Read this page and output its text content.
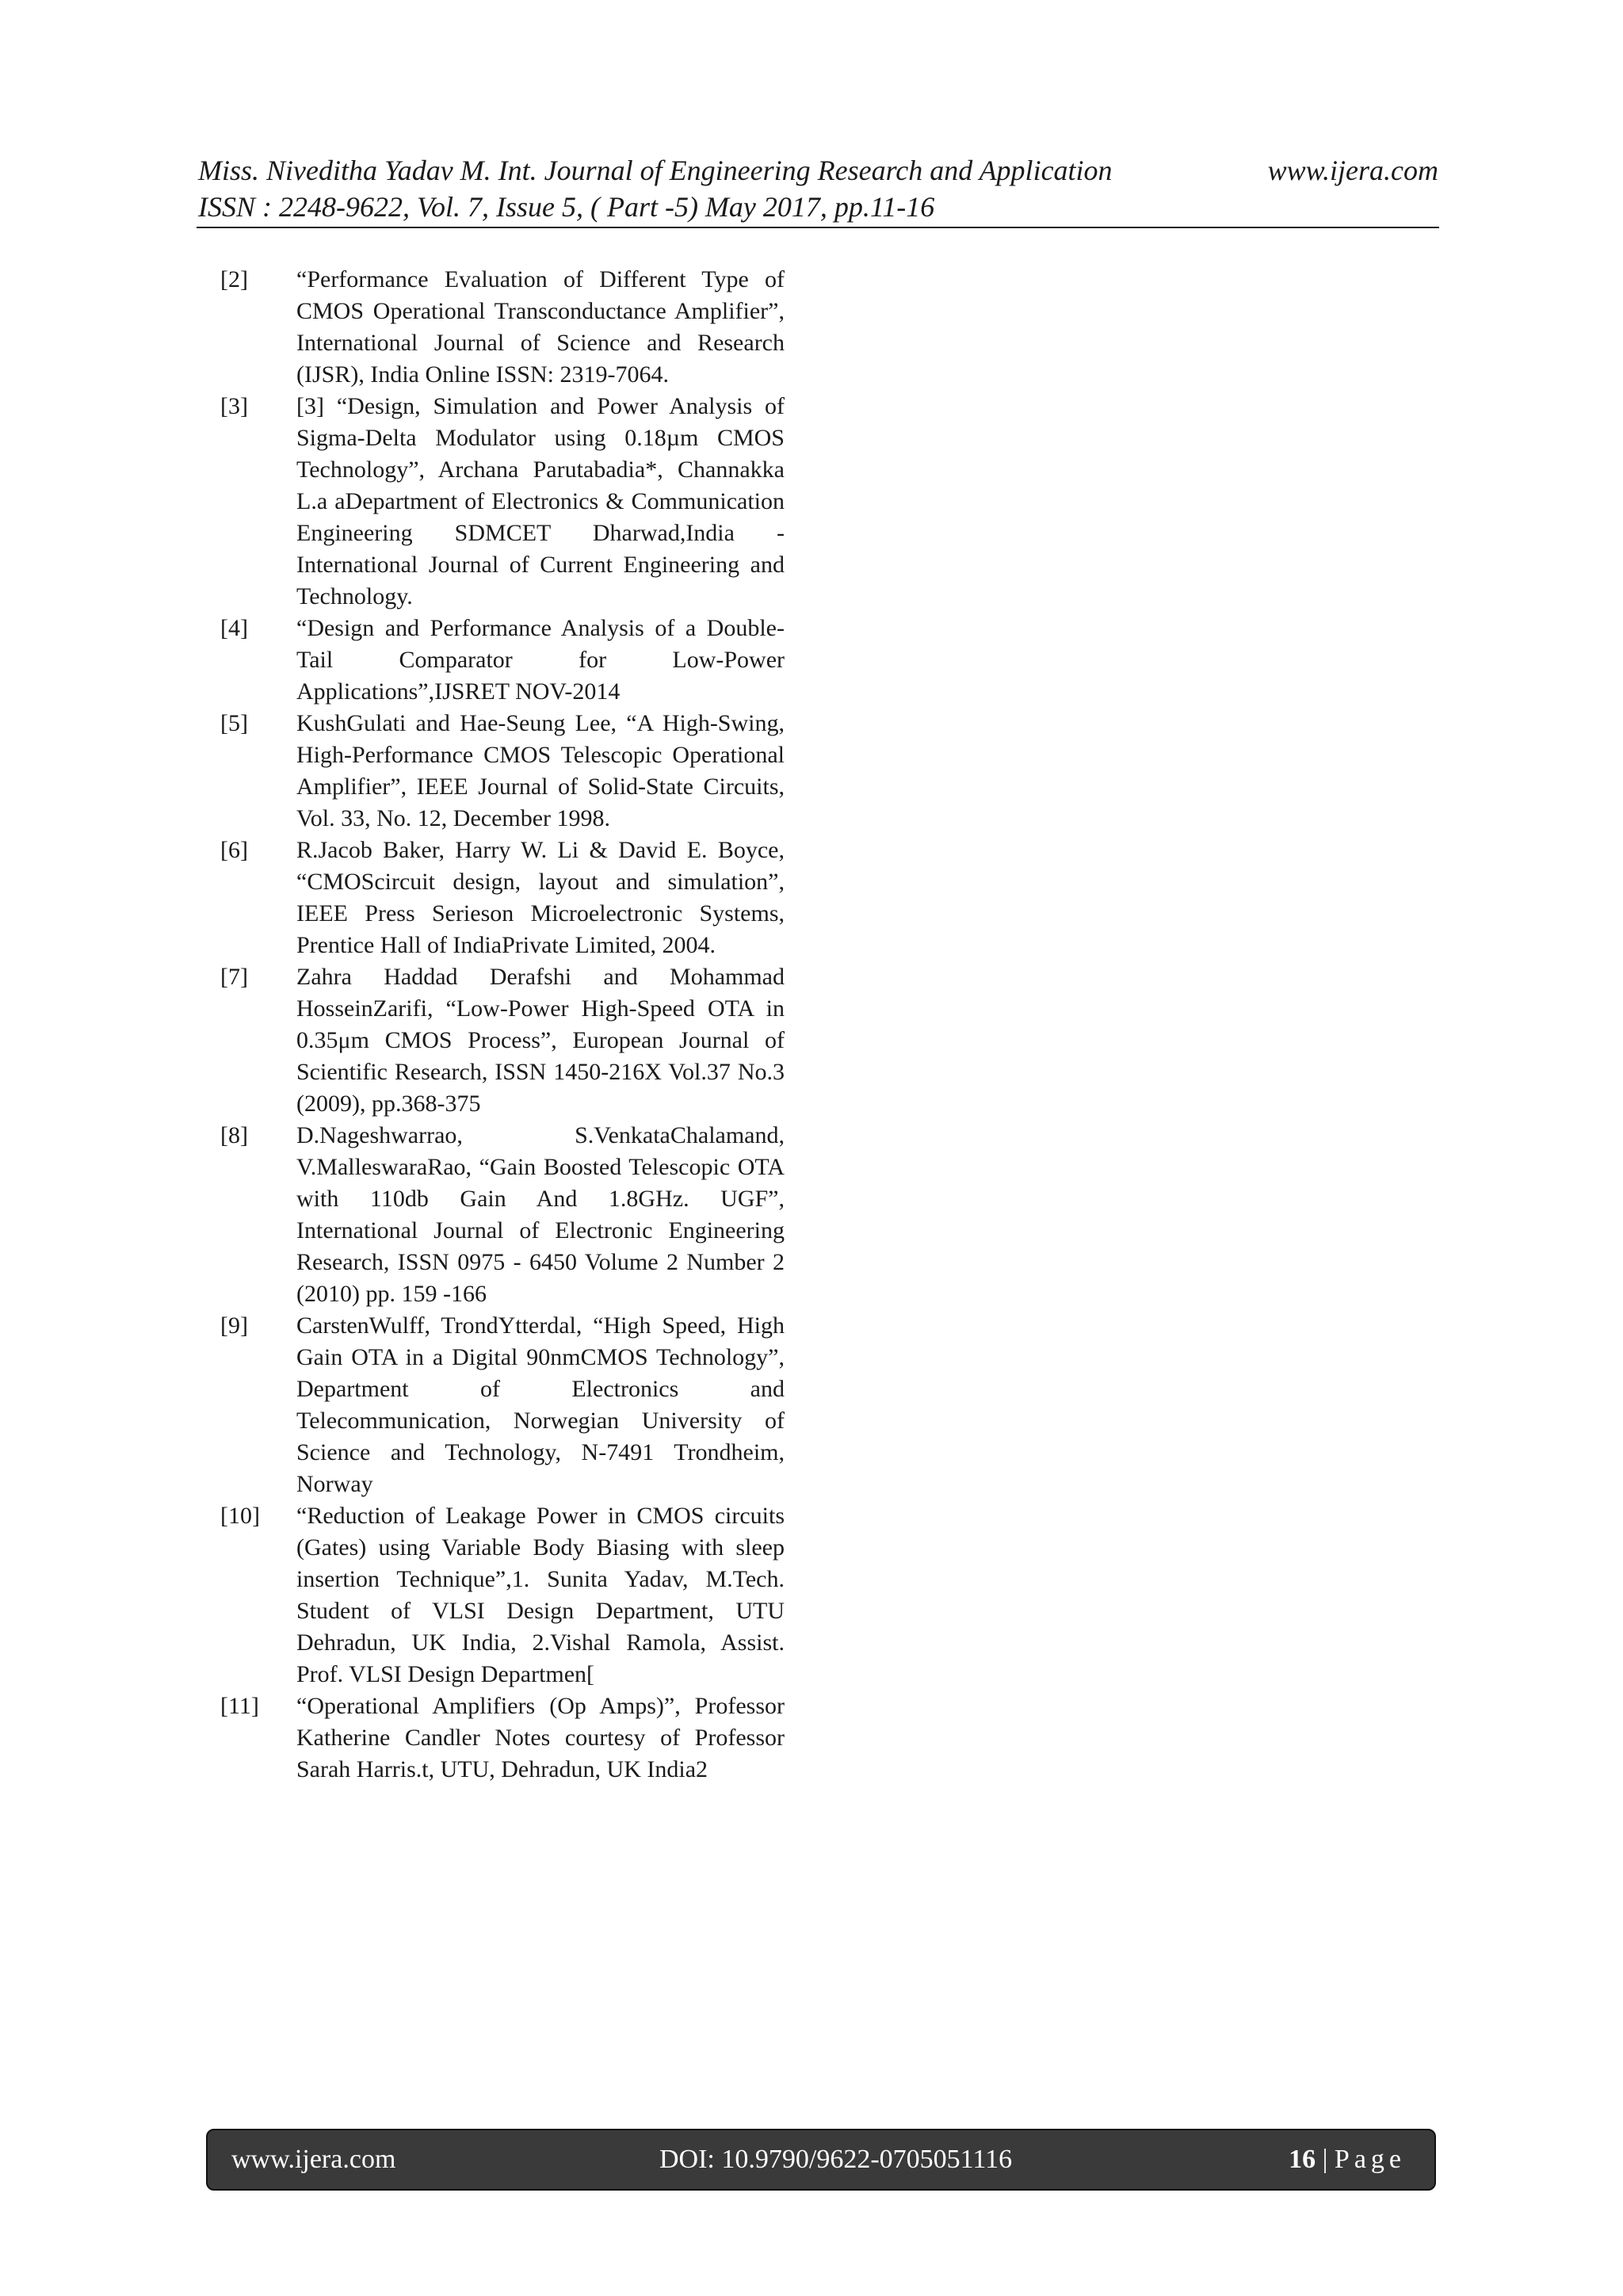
Miss. Niveditha Yadav M. Int. Journal of Engineering Research and Application	www.ijera.com
ISSN : 2248-9622, Vol. 7, Issue 5, ( Part -5) May 2017, pp.11-16
[2]	“Performance Evaluation of Different Type of CMOS Operational Transconductance Amplifier”, International Journal of Science and Research (IJSR), India Online ISSN: 2319-7064.
[3]	[3] “Design, Simulation and Power Analysis of Sigma-Delta Modulator using 0.18µm CMOS Technology”, Archana Parutabadia*, Channakka L.a aDepartment of Electronics & Communication Engineering SDMCET Dharwad,India - International Journal of Current Engineering and Technology.
[4]	“Design and Performance Analysis of a Double-Tail Comparator for Low-Power Applications”,IJSRET NOV-2014
[5]	KushGulati and Hae-Seung Lee, “A High-Swing, High-Performance CMOS Telescopic Operational Amplifier”, IEEE Journal of Solid-State Circuits, Vol. 33, No. 12, December 1998.
[6]	R.Jacob Baker, Harry W. Li & David E. Boyce, “CMOScircuit design, layout and simulation”, IEEE Press Serieson Microelectronic Systems, Prentice Hall of IndiaPrivate Limited, 2004.
[7]	Zahra Haddad Derafshi and Mohammad HosseinZarifi, “Low-Power High-Speed OTA in 0.35μm CMOS Process”, European Journal of Scientific Research, ISSN 1450-216X Vol.37 No.3 (2009), pp.368-375
[8]	D.Nageshwarrao, S.VenkataChalamand, V.MalleswaraRao, “Gain Boosted Telescopic OTA with 110db Gain And 1.8GHz. UGF”, International Journal of Electronic Engineering Research, ISSN 0975 - 6450 Volume 2 Number 2 (2010) pp. 159 -166
[9]	CarstenWulff, TrondYtterdal, “High Speed, High Gain OTA in a Digital 90nmCMOS Technology”, Department of Electronics and Telecommunication, Norwegian University of Science and Technology, N-7491 Trondheim, Norway
[10]	“Reduction of Leakage Power in CMOS circuits (Gates) using Variable Body Biasing with sleep insertion Technique”,1. Sunita Yadav, M.Tech. Student of VLSI Design Department, UTU Dehradun, UK India, 2.Vishal Ramola, Assist. Prof. VLSI Design Departmen[
[11]	“Operational Amplifiers (Op Amps)”, Professor Katherine Candler Notes courtesy of Professor Sarah Harris.t, UTU, Dehradun, UK India2
www.ijera.com	DOI: 10.9790/9622-0705051116	16 | Page
